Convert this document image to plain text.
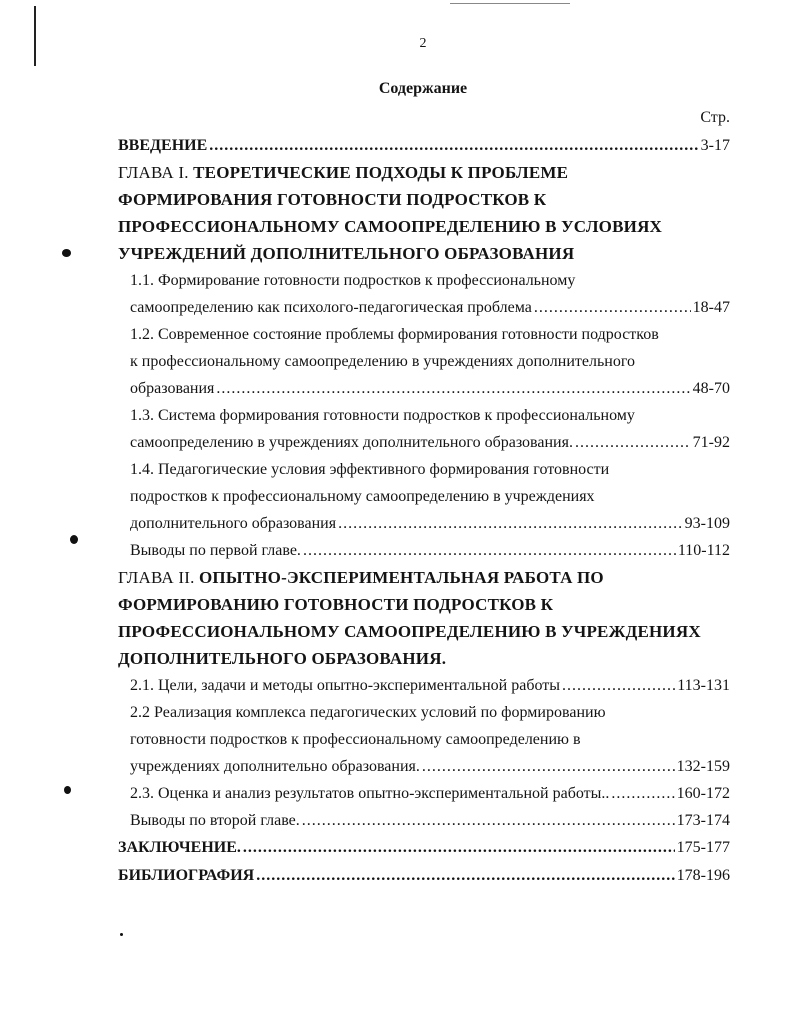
2
Содержание
Стр.
ВВЕДЕНИЕ .....	3-17
ГЛАВА I. ТЕОРЕТИЧЕСКИЕ ПОДХОДЫ К ПРОБЛЕМЕ
ФОРМИРОВАНИЯ ГОТОВНОСТИ ПОДРОСТКОВ К
ПРОФЕССИОНАЛЬНОМУ САМООПРЕДЕЛЕНИЮ В УСЛОВИЯХ
УЧРЕЖДЕНИЙ ДОПОЛНИТЕЛЬНОГО ОБРАЗОВАНИЯ
1.1. Формирование готовности подростков к профессиональному
самоопределению как психолого-педагогическая проблема .....	18-47
1.2. Современное состояние проблемы формирования готовности подростков
к профессиональному самоопределению в учреждениях дополнительного
образования .....	48-70
1.3. Система формирования готовности подростков к профессиональному
самоопределению в учреждениях дополнительного образования. .....	71-92
1.4. Педагогические условия эффективного формирования готовности
подростков к профессиональному самоопределению в учреждениях
дополнительного образования .....	93-109
Выводы по первой главе. .....	110-112
ГЛАВА II. ОПЫТНО-ЭКСПЕРИМЕНТАЛЬНАЯ РАБОТА ПО
ФОРМИРОВАНИЮ ГОТОВНОСТИ ПОДРОСТКОВ К
ПРОФЕССИОНАЛЬНОМУ САМООПРЕДЕЛЕНИЮ В УЧРЕЖДЕНИЯХ
ДОПОЛНИТЕЛЬНОГО ОБРАЗОВАНИЯ.
2.1. Цели, задачи и методы опытно-экспериментальной работы .....	113-131
2.2 Реализация комплекса педагогических условий по формированию
готовности подростков к профессиональному самоопределению в
учреждениях дополнительно образования. .....	132-159
2.3. Оценка и анализ результатов опытно-экспериментальной работы.. .....	160-172
Выводы по второй главе. .....	173-174
ЗАКЛЮЧЕНИЕ. .....	175-177
БИБЛИОГРАФИЯ .....	178-196
